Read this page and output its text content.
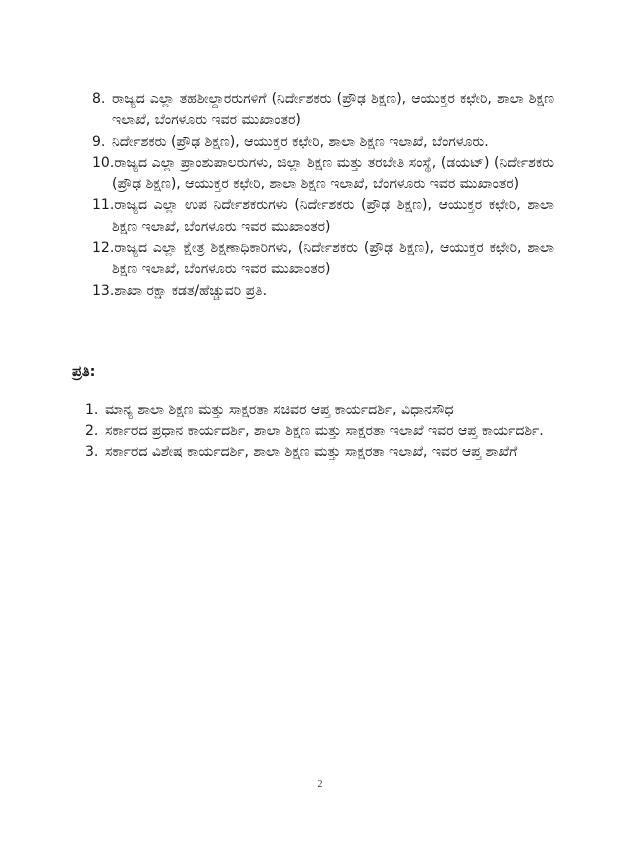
8. ರಾಜ್ಯದ ಎಲ್ಲಾ ತಹಶೀಲ್ದಾರರುಗಳಿಗೆ (ನಿರ್ದೇಶಕರು (ಪ್ರೌಢ ಶಿಕ್ಷಣ), ಆಯುಕ್ತರ ಕಛೇರಿ, ಶಾಲಾ ಶಿಕ್ಷಣ ಇಲಾಖೆ, ಬೆಂಗಳೂರು ಇವರ ಮುಖಾಂತರ)
9. ನಿರ್ದೇಶಕರು (ಪ್ರೌಢ ಶಿಕ್ಷಣ), ಆಯುಕ್ತರ ಕಛೇರಿ, ಶಾಲಾ ಶಿಕ್ಷಣ ಇಲಾಖೆ, ಬೆಂಗಳೂರು.
10.ರಾಜ್ಯದ ಎಲ್ಲಾ ಪ್ರಾಂಶುಪಾಲರುಗಳು, ಜಿಲ್ಲಾ ಶಿಕ್ಷಣ ಮತ್ತು ತರಬೇತಿ ಸಂಸ್ಥೆ, (ಡಯಟ್) (ನಿರ್ದೇಶಕರು (ಪ್ರೌಢ ಶಿಕ್ಷಣ), ಆಯುಕ್ತರ ಕಛೇರಿ, ಶಾಲಾ ಶಿಕ್ಷಣ ಇಲಾಖೆ, ಬೆಂಗಳೂರು ಇವರ ಮುಖಾಂತರ)
11.ರಾಜ್ಯದ ಎಲ್ಲಾ ಉಪ ನಿರ್ದೇಶಕರುಗಳು (ನಿರ್ದೇಶಕರು (ಪ್ರೌಢ ಶಿಕ್ಷಣ), ಆಯುಕ್ತರ ಕಛೇರಿ, ಶಾಲಾ ಶಿಕ್ಷಣ ಇಲಾಖೆ, ಬೆಂಗಳೂರು ಇವರ ಮುಖಾಂತರ)
12.ರಾಜ್ಯದ ಎಲ್ಲಾ ಕ್ಷೇತ್ರ ಶಿಕ್ಷಣಾಧಿಕಾರಿಗಳು, (ನಿರ್ದೇಶಕರು (ಪ್ರೌಢ ಶಿಕ್ಷಣ), ಆಯುಕ್ತರ ಕಛೇರಿ, ಶಾಲಾ ಶಿಕ್ಷಣ ಇಲಾಖೆ, ಬೆಂಗಳೂರು ಇವರ ಮುಖಾಂತರ)
13.ಶಾಖಾ ರಕ್ಷಾ ಕಡತ/ಹೆಚ್ಚುವರಿ ಪ್ರತಿ.
ಪ್ರತಿ:
1. ಮಾನ್ಯ ಶಾಲಾ ಶಿಕ್ಷಣ ಮತ್ತು ಸಾಕ್ಷರತಾ ಸಚಿವರ ಆಪ್ತ ಕಾರ್ಯದರ್ಶಿ, ವಿಧಾನಸೌಧ
2. ಸರ್ಕಾರದ ಪ್ರಧಾನ ಕಾರ್ಯದರ್ಶಿ, ಶಾಲಾ ಶಿಕ್ಷಣ ಮತ್ತು ಸಾಕ್ಷರತಾ ಇಲಾಖೆ ಇವರ ಆಪ್ತ ಕಾರ್ಯದರ್ಶಿ.
3. ಸರ್ಕಾರದ ವಿಶೇಷ ಕಾರ್ಯದರ್ಶಿ, ಶಾಲಾ ಶಿಕ್ಷಣ ಮತ್ತು ಸಾಕ್ಷರತಾ ಇಲಾಖೆ, ಇವರ ಆಪ್ತ ಶಾಖೆಗೆ
2
